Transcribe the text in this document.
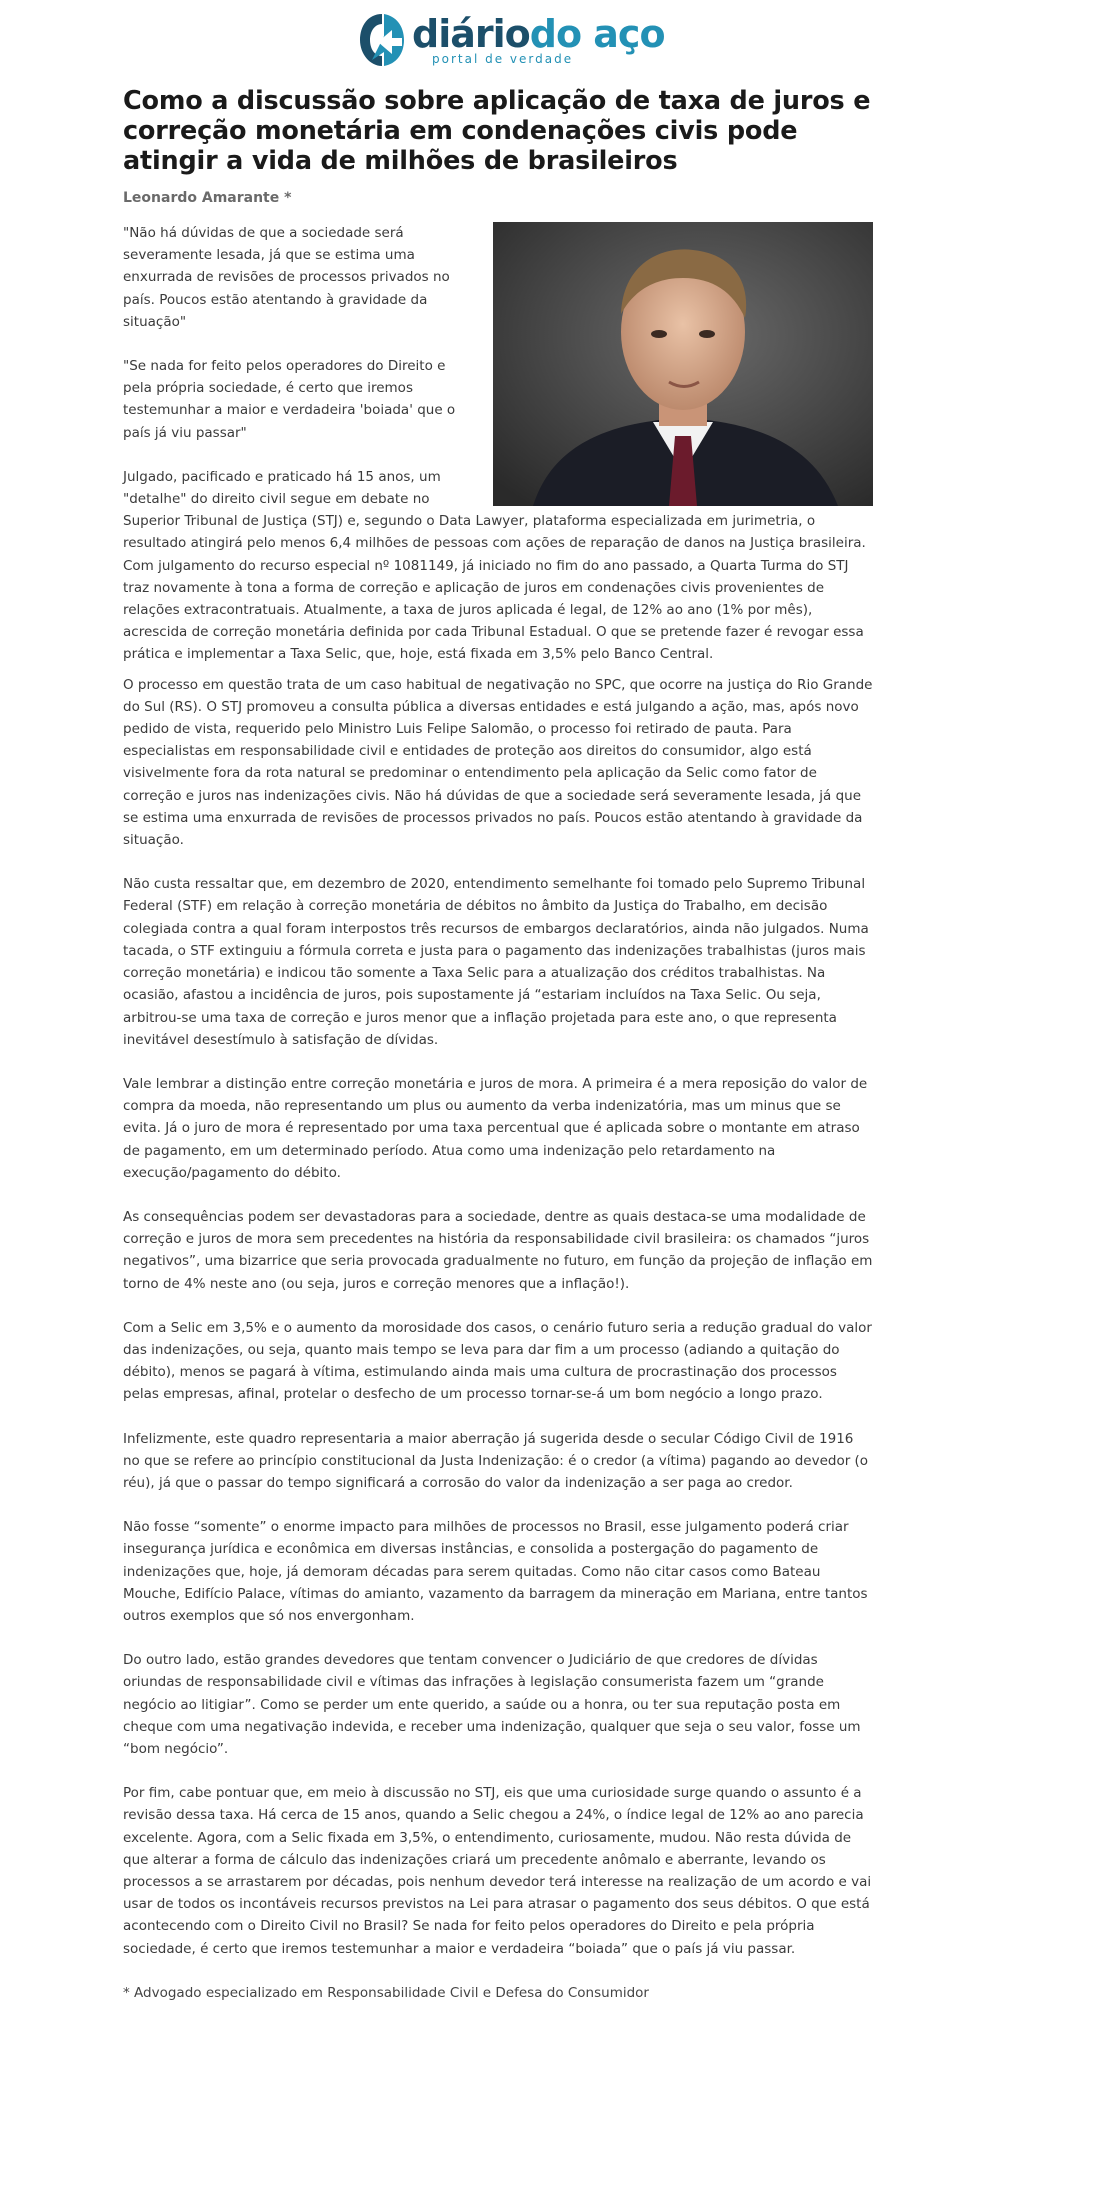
diáriodo aço
portal de verdade
Como a discussão sobre aplicação de taxa de juros e correção monetária em condenações civis pode atingir a vida de milhões de brasileiros
Leonardo Amarante *

"Não há dúvidas de que a sociedade será severamente lesada, já que se estima uma enxurrada de revisões de processos privados no país. Poucos estão atentando à gravidade da situação"

"Se nada for feito pelos operadores do Direito e pela própria sociedade, é certo que iremos testemunhar a maior e verdadeira 'boiada' que o país já viu passar"

Julgado, pacificado e praticado há 15 anos, um "detalhe" do direito civil segue em debate no Superior Tribunal de Justiça (STJ) e, segundo o Data Lawyer, plataforma especializada em jurimetria, o resultado atingirá pelo menos 6,4 milhões de pessoas com ações de reparação de danos na Justiça brasileira. Com julgamento do recurso especial nº 1081149, já iniciado no fim do ano passado, a Quarta Turma do STJ traz novamente à tona a forma de correção e aplicação de juros em condenações civis provenientes de relações extracontratuais. Atualmente, a taxa de juros aplicada é legal, de 12% ao ano (1% por mês), acrescida de correção monetária definida por cada Tribunal Estadual. O que se pretende fazer é revogar essa prática e implementar a Taxa Selic, que, hoje, está fixada em 3,5% pelo Banco Central.

O processo em questão trata de um caso habitual de negativação no SPC, que ocorre na justiça do Rio Grande do Sul (RS). O STJ promoveu a consulta pública a diversas entidades e está julgando a ação, mas, após novo pedido de vista, requerido pelo Ministro Luis Felipe Salomão, o processo foi retirado de pauta. Para especialistas em responsabilidade civil e entidades de proteção aos direitos do consumidor, algo está visivelmente fora da rota natural se predominar o entendimento pela aplicação da Selic como fator de correção e juros nas indenizações civis. Não há dúvidas de que a sociedade será severamente lesada, já que se estima uma enxurrada de revisões de processos privados no país. Poucos estão atentando à gravidade da situação.

Não custa ressaltar que, em dezembro de 2020, entendimento semelhante foi tomado pelo Supremo Tribunal Federal (STF) em relação à correção monetária de débitos no âmbito da Justiça do Trabalho, em decisão colegiada contra a qual foram interpostos três recursos de embargos declaratórios, ainda não julgados. Numa tacada, o STF extinguiu a fórmula correta e justa para o pagamento das indenizações trabalhistas (juros mais correção monetária) e indicou tão somente a Taxa Selic para a atualização dos créditos trabalhistas. Na ocasião, afastou a incidência de juros, pois supostamente já “estariam incluídos na Taxa Selic. Ou seja, arbitrou-se uma taxa de correção e juros menor que a inflação projetada para este ano, o que representa inevitável desestímulo à satisfação de dívidas.

Vale lembrar a distinção entre correção monetária e juros de mora. A primeira é a mera reposição do valor de compra da moeda, não representando um plus ou aumento da verba indenizatória, mas um minus que se evita. Já o juro de mora é representado por uma taxa percentual que é aplicada sobre o montante em atraso de pagamento, em um determinado período. Atua como uma indenização pelo retardamento na execução/pagamento do débito.

As consequências podem ser devastadoras para a sociedade, dentre as quais destaca-se uma modalidade de correção e juros de mora sem precedentes na história da responsabilidade civil brasileira: os chamados “juros negativos”, uma bizarrice que seria provocada gradualmente no futuro, em função da projeção de inflação em torno de 4% neste ano (ou seja, juros e correção menores que a inflação!).

Com a Selic em 3,5% e o aumento da morosidade dos casos, o cenário futuro seria a redução gradual do valor das indenizações, ou seja, quanto mais tempo se leva para dar fim a um processo (adiando a quitação do débito), menos se pagará à vítima, estimulando ainda mais uma cultura de procrastinação dos processos pelas empresas, afinal, protelar o desfecho de um processo tornar-se-á um bom negócio a longo prazo.

Infelizmente, este quadro representaria a maior aberração já sugerida desde o secular Código Civil de 1916 no que se refere ao princípio constitucional da Justa Indenização: é o credor (a vítima) pagando ao devedor (o réu), já que o passar do tempo significará a corrosão do valor da indenização a ser paga ao credor.

Não fosse “somente” o enorme impacto para milhões de processos no Brasil, esse julgamento poderá criar insegurança jurídica e econômica em diversas instâncias, e consolida a postergação do pagamento de indenizações que, hoje, já demoram décadas para serem quitadas. Como não citar casos como Bateau Mouche, Edifício Palace, vítimas do amianto, vazamento da barragem da mineração em Mariana, entre tantos outros exemplos que só nos envergonham.

Do outro lado, estão grandes devedores que tentam convencer o Judiciário de que credores de dívidas oriundas de responsabilidade civil e vítimas das infrações à legislação consumerista fazem um “grande negócio ao litigiar”. Como se perder um ente querido, a saúde ou a honra, ou ter sua reputação posta em cheque com uma negativação indevida, e receber uma indenização, qualquer que seja o seu valor, fosse um “bom negócio”.

Por fim, cabe pontuar que, em meio à discussão no STJ, eis que uma curiosidade surge quando o assunto é a revisão dessa taxa. Há cerca de 15 anos, quando a Selic chegou a 24%, o índice legal de 12% ao ano parecia excelente. Agora, com a Selic fixada em 3,5%, o entendimento, curiosamente, mudou. Não resta dúvida de que alterar a forma de cálculo das indenizações criará um precedente anômalo e aberrante, levando os processos a se arrastarem por décadas, pois nenhum devedor terá interesse na realização de um acordo e vai usar de todos os incontáveis recursos previstos na Lei para atrasar o pagamento dos seus débitos. O que está acontecendo com o Direito Civil no Brasil? Se nada for feito pelos operadores do Direito e pela própria sociedade, é certo que iremos testemunhar a maior e verdadeira “boiada” que o país já viu passar.

* Advogado especializado em Responsabilidade Civil e Defesa do Consumidor
